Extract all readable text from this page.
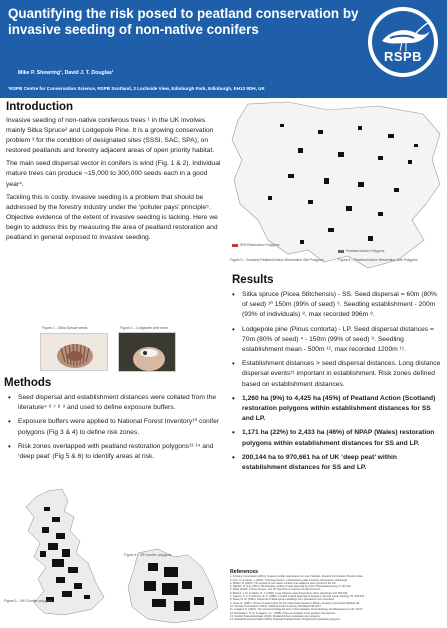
Quantifying the risk posed to peatland conservation by invasive seeding of non-native conifers
Mike P. Shewring¹, David J. T. Douglas¹
¹RSPB Centre for Conservation Science, RSPB Scotland, 2 Lochside View, Edinburgh Park, Edinburgh, EH12 9DH, UK
RSPB
Introduction

Invasive seeding of non-native coniferous trees ¹ in the UK involves mainly Sitka Spruce² and Lodgepole Pine. It is a growing conservation problem ³ for the condition of designated sites (SSSI, SAC, SPA); on restored peatlands and forestry adjacent areas of open priority habitat.

The main seed dispersal vector in conifers is wind (Fig. 1 & 2). Individual mature trees can produce ~15,000 to 300,000 seeds each in a good year⁴.

Tackling this is costly. Invasive seeding is a problem that should be addressed by the forestry industry under the ‘polluter pays’ principle⁵. Objective evidence of the extent of invasive seeding is lacking. Here we begin to address this by measuring the area of peatland restoration and peatland in general exposed to invasive seeding.

Figure 1 – Sitka Spruce seeds	Figure 2 – Lodgepole pine seed
Methods
• Seed dispersal and establishment distances were collated from the literature⁴ ⁶ ⁷ ⁸ ⁹ and used to define exposure buffers.
• Exposure buffers were applied to National Forest Inventory¹⁰ conifer polygons (Fig 3 & 4) to define risk zones.
• Risk zones overlapped with peatland restoration polygons¹³ ¹⁴ and ‘deep peat’ (Fig 5 & 6) to identify areas at risk.
Figure 3 – NFI Conifer polygons
Figure 4 – NFI conifer polygons
SPA Restoration Polygons
Peatland Action Polygons
Figure 5 – Scotland Peatland Action Restoration Site Polygons	Figure 6 – Peatland Action Restoration Site Polygons
Results
• Sitka spruce (Picea Stitchensis) - SS. Seed dispersal = 60m (80% of seed) ¹⁰ 150m (99% of seed) ⁹. Seedling establishment - 200m (93% of individuals) ⁸, max recorded 996m ⁸.
• Lodgepole pine (Pinus contorta) - LP. Seed dispersal distances = 70m (80% of seed) ⁴ - 150m (99% of seed) ⁹. Seedling establishment mean - 500m ¹², max recorded 1200m ¹¹.
• Establishment distances > seed dispersal distances. Long distance dispersal events¹¹ important in establishment. Risk zones defined based on establishment distances.
• 1,260 ha (9%) to 4,425 ha (45%) of Peatland Action (Scotland) restoration polygons within establishment distances for SS and LP.
• 1,171 ha (22%) to 2,433 ha (46%) of NPAP (Wales) restoration polygons within establishment distances for SS and LP.
• 200,144 ha to 970,661 ha of UK ‘deep peat’ within establishment distances for SS and LP.
References
1. Forestry Commission (2014). Invasive conifer regeneration on open habitats. Forestry Commission Practice Note.
2. Kerr, G. & Haufe, J. (2011). Thinning practice: a silvicultural guide. Forestry Commission, Edinburgh.
3. Wilson, B. (2015). The spread of non-native conifers onto adjacent open ground in the UK.
4. Nathan, R. et al. (2011). Mechanistic models of seed dispersal by wind. Theoretical Ecology 4: 113-132.
5. Defra (2018). A Green Future: Our 25 Year Plan to Improve the Environment.
6. Bullock, J. M. & Clarke, R. T. (2000). Long distance seed dispersal by wind. Oecologia 124: 506-521.
7. Greene, D. F. & Johnson, E. A. (1989). A model of wind dispersal of winged or plumed seeds. Ecology 70: 339-347.
8. Shaw, M. W. (1981). Dispersal of Sitka spruce seedlings from plantations onto moorland.
9. Lines, R. (1987). Choice of seed origins for the main forest species in Britain. Forestry Commission Bulletin 66.
10. Forestry Commission (2017). National Forest Inventory Woodland GB 2017.
11. Ledgard, N. (2001). The spread of lodgepole pine in New Zealand. Forest Ecology and Management 141: 43-57.
12. Richardson, D. M. & Higgins, S. I. (1998). Pines as invaders in the southern hemisphere.
13. Scottish Natural Heritage (2018). Peatland Action restoration site polygons.
14. Natural Resources Wales (2019). National Peatland Action Programme restoration polygons.
